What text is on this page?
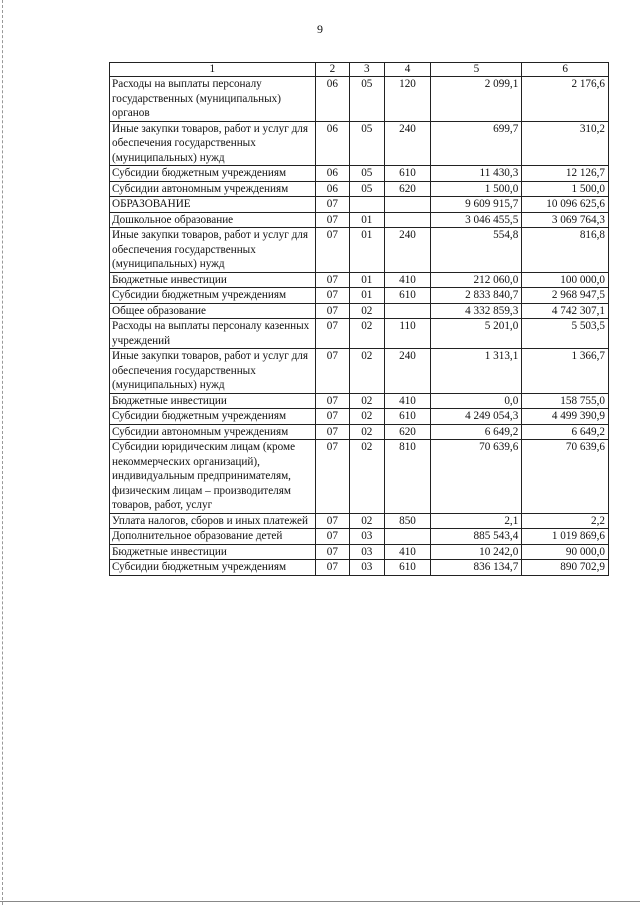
9
1	2	3	4	5	6
Расходы на выплаты персоналу государственных (муниципальных) органов	06	05	120	2 099,1	2 176,6
Иные закупки товаров, работ и услуг для обеспечения государственных (муниципальных) нужд	06	05	240	699,7	310,2
Субсидии бюджетным учреждениям	06	05	610	11 430,3	12 126,7
Субсидии автономным учреждениям	06	05	620	1 500,0	1 500,0
ОБРАЗОВАНИЕ	07			9 609 915,7	10 096 625,6
Дошкольное образование	07	01		3 046 455,5	3 069 764,3
Иные закупки товаров, работ и услуг для обеспечения государственных (муниципальных) нужд	07	01	240	554,8	816,8
Бюджетные инвестиции	07	01	410	212 060,0	100 000,0
Субсидии бюджетным учреждениям	07	01	610	2 833 840,7	2 968 947,5
Общее образование	07	02		4 332 859,3	4 742 307,1
Расходы на выплаты персоналу казенных учреждений	07	02	110	5 201,0	5 503,5
Иные закупки товаров, работ и услуг для обеспечения государственных (муниципальных) нужд	07	02	240	1 313,1	1 366,7
Бюджетные инвестиции	07	02	410	0,0	158 755,0
Субсидии бюджетным учреждениям	07	02	610	4 249 054,3	4 499 390,9
Субсидии автономным учреждениям	07	02	620	6 649,2	6 649,2
Субсидии юридическим лицам (кроме некоммерческих организаций), индивидуальным предпринимателям, физическим лицам – производителям товаров, работ, услуг	07	02	810	70 639,6	70 639,6
Уплата налогов, сборов и иных платежей	07	02	850	2,1	2,2
Дополнительное образование детей	07	03		885 543,4	1 019 869,6
Бюджетные инвестиции	07	03	410	10 242,0	90 000,0
Субсидии бюджетным учреждениям	07	03	610	836 134,7	890 702,9
